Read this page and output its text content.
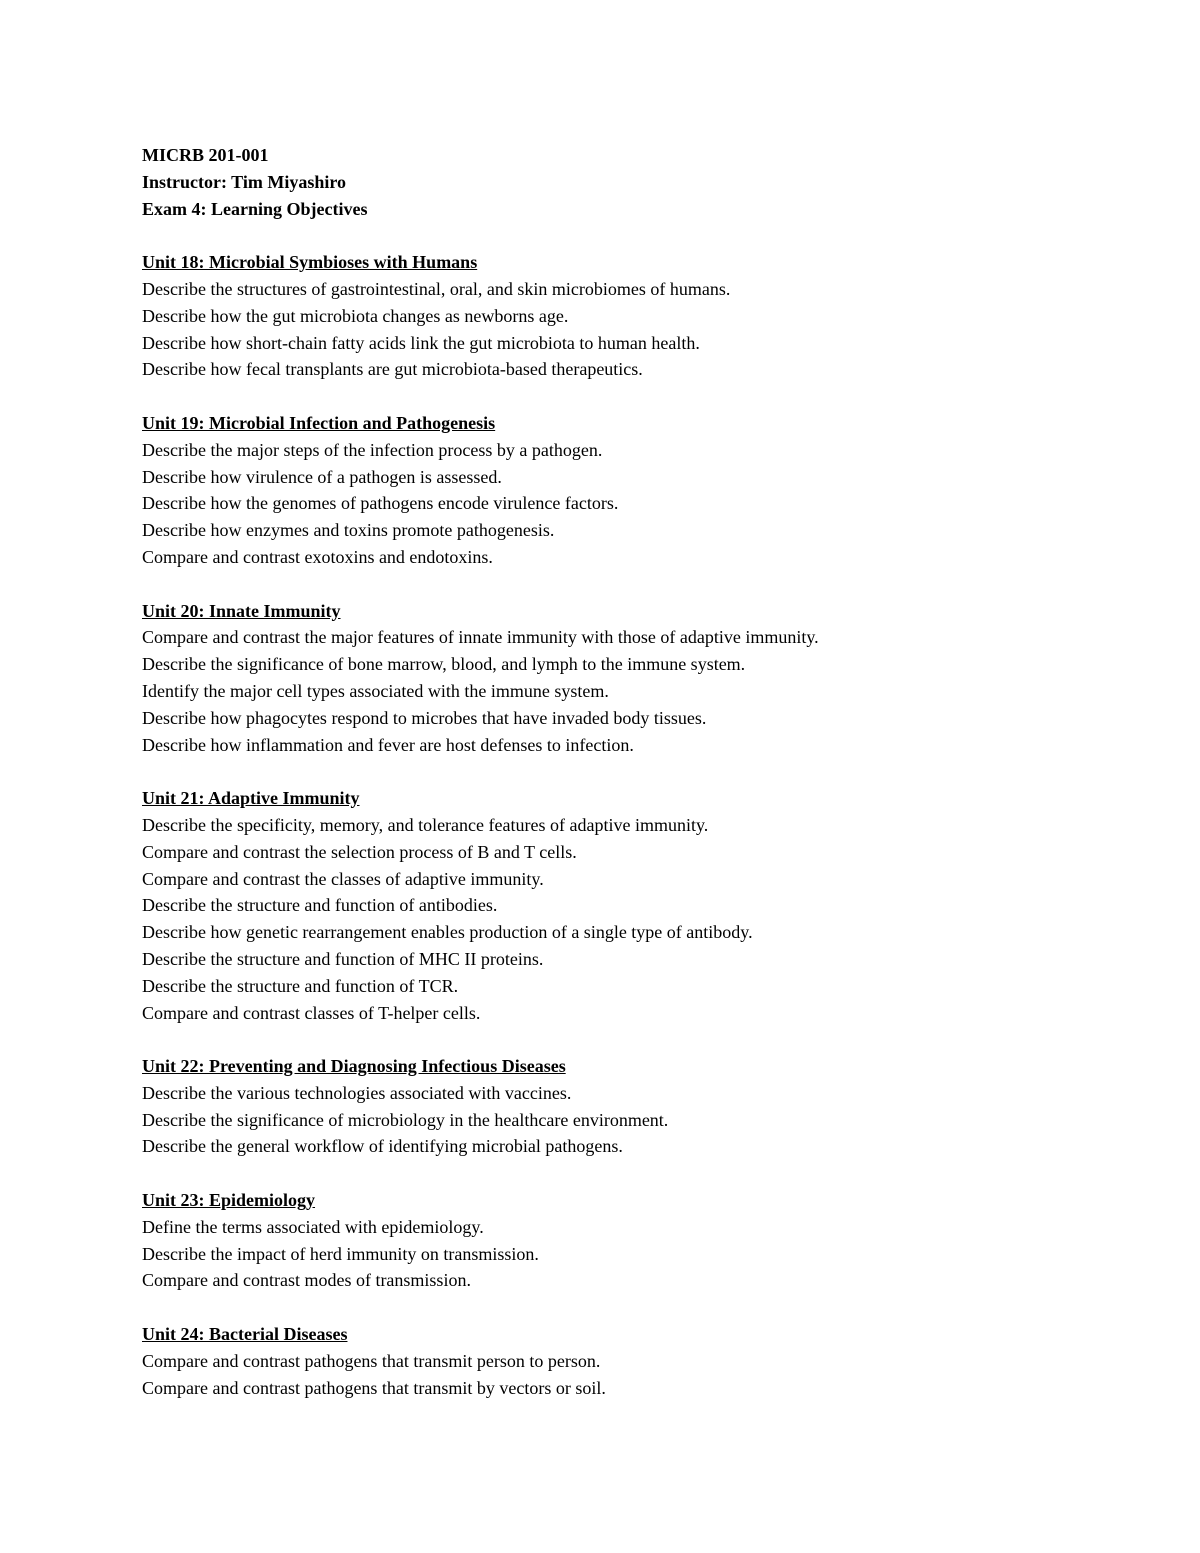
MICRB 201-001
Instructor: Tim Miyashiro
Exam 4: Learning Objectives
Unit 18: Microbial Symbioses with Humans
Describe the structures of gastrointestinal, oral, and skin microbiomes of humans.
Describe how the gut microbiota changes as newborns age.
Describe how short-chain fatty acids link the gut microbiota to human health.
Describe how fecal transplants are gut microbiota-based therapeutics.
Unit 19: Microbial Infection and Pathogenesis
Describe the major steps of the infection process by a pathogen.
Describe how virulence of a pathogen is assessed.
Describe how the genomes of pathogens encode virulence factors.
Describe how enzymes and toxins promote pathogenesis.
Compare and contrast exotoxins and endotoxins.
Unit 20: Innate Immunity
Compare and contrast the major features of innate immunity with those of adaptive immunity.
Describe the significance of bone marrow, blood, and lymph to the immune system.
Identify the major cell types associated with the immune system.
Describe how phagocytes respond to microbes that have invaded body tissues.
Describe how inflammation and fever are host defenses to infection.
Unit 21: Adaptive Immunity
Describe the specificity, memory, and tolerance features of adaptive immunity.
Compare and contrast the selection process of B and T cells.
Compare and contrast the classes of adaptive immunity.
Describe the structure and function of antibodies.
Describe how genetic rearrangement enables production of a single type of antibody.
Describe the structure and function of MHC II proteins.
Describe the structure and function of TCR.
Compare and contrast classes of T-helper cells.
Unit 22: Preventing and Diagnosing Infectious Diseases
Describe the various technologies associated with vaccines.
Describe the significance of microbiology in the healthcare environment.
Describe the general workflow of identifying microbial pathogens.
Unit 23: Epidemiology
Define the terms associated with epidemiology.
Describe the impact of herd immunity on transmission.
Compare and contrast modes of transmission.
Unit 24: Bacterial Diseases
Compare and contrast pathogens that transmit person to person.
Compare and contrast pathogens that transmit by vectors or soil.
